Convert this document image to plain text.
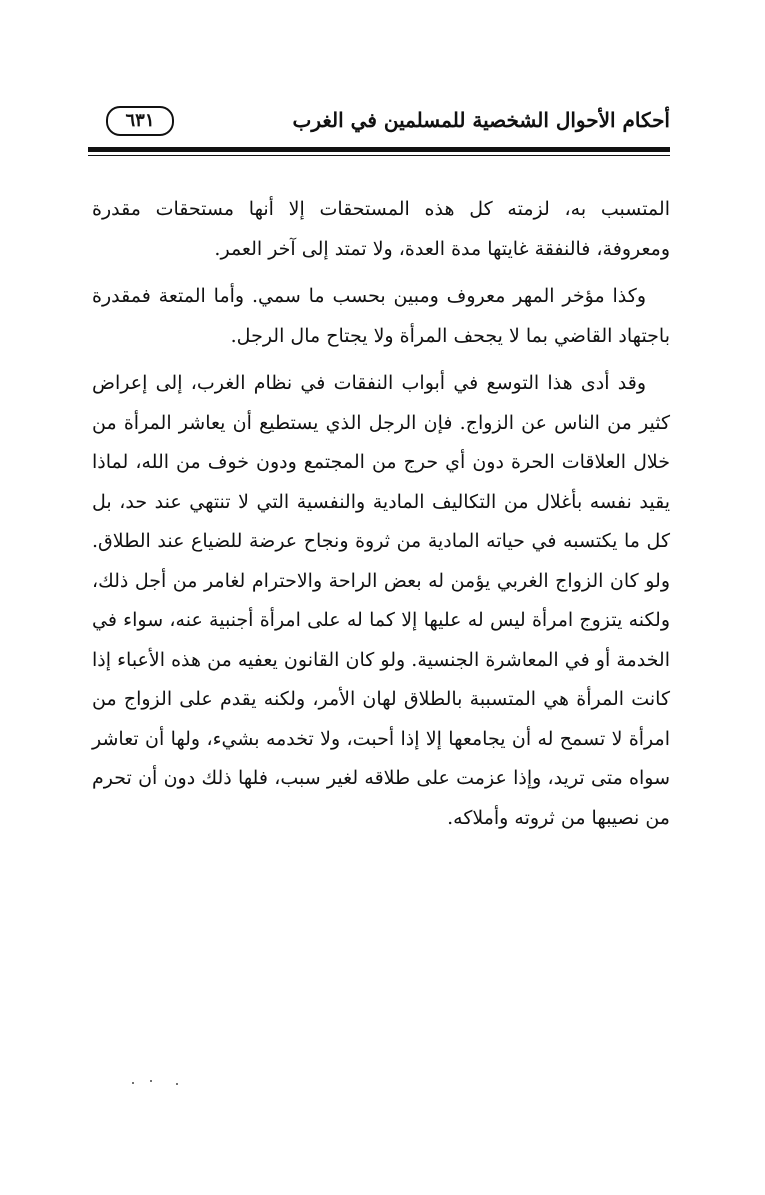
أحكام الأحوال الشخصية للمسلمين في الغرب
٦٣١

المتسبب به، لزمته كل هذه المستحقات إلا أنها مستحقات مقدرة ومعروفة، فالنفقة غايتها مدة العدة، ولا تمتد إلى آخر العمر.

وكذا مؤخر المهر معروف ومبين بحسب ما سمي. وأما المتعة فمقدرة باجتهاد القاضي بما لا يجحف المرأة ولا يجتاح مال الرجل.

وقد أدى هذا التوسع في أبواب النفقات في نظام الغرب، إلى إعراض كثير من الناس عن الزواج. فإن الرجل الذي يستطيع أن يعاشر المرأة من خلال العلاقات الحرة دون أي حرج من المجتمع ودون خوف من الله، لماذا يقيد نفسه بأغلال من التكاليف المادية والنفسية التي لا تنتهي عند حد، بل كل ما يكتسبه في حياته المادية من ثروة ونجاح عرضة للضياع عند الطلاق. ولو كان الزواج الغربي يؤمن له بعض الراحة والاحترام لغامر من أجل ذلك، ولكنه يتزوج امرأة ليس له عليها إلا كما له على امرأة أجنبية عنه، سواء في الخدمة أو في المعاشرة الجنسية. ولو كان القانون يعفيه من هذه الأعباء إذا كانت المرأة هي المتسببة بالطلاق لهان الأمر، ولكنه يقدم على الزواج من امرأة لا تسمح له أن يجامعها إلا إذا أحبت، ولا تخدمه بشيء، ولها أن تعاشر سواه متى تريد، وإذا عزمت على طلاقه لغير سبب، فلها ذلك دون أن تحرم من نصيبها من ثروته وأملاكه.
